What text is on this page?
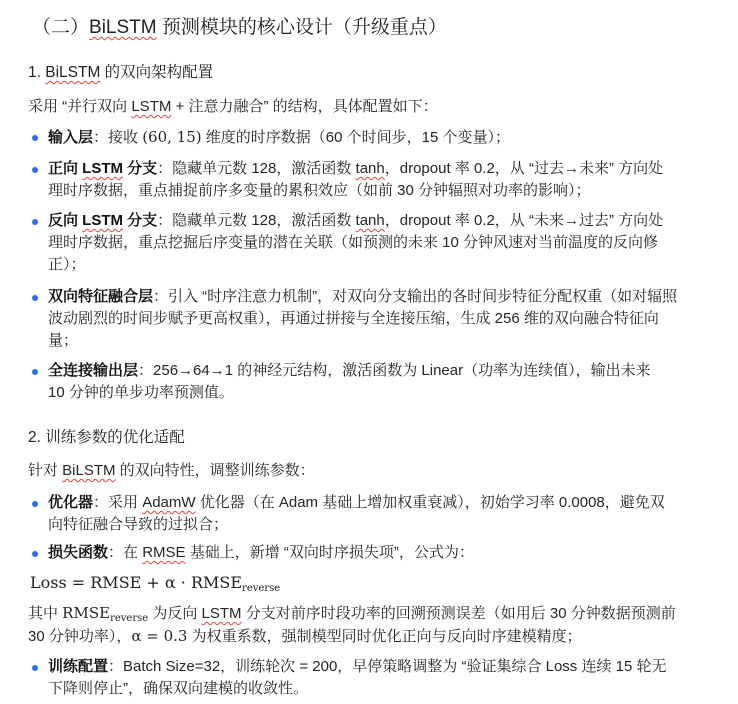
（二）BiLSTM 预测模块的核心设计（升级重点）
1. BiLSTM 的双向架构配置
采用 “并行双向 LSTM + 注意力融合” 的结构，具体配置如下：
输入层：接收 (60, 15) 维度的时序数据（60 个时间步，15 个变量）；
正向 LSTM 分支：隐藏单元数 128，激活函数 tanh，dropout 率 0.2，从 “过去→未来” 方向处
理时序数据，重点捕捉前序多变量的累积效应（如前 30 分钟辐照对功率的影响）；
反向 LSTM 分支：隐藏单元数 128，激活函数 tanh，dropout 率 0.2，从 “未来→过去” 方向处
理时序数据，重点挖掘后序变量的潜在关联（如预测的未来 10 分钟风速对当前温度的反向修
正）；
双向特征融合层：引入 “时序注意力机制”，对双向分支输出的各时间步特征分配权重（如对辐照
波动剧烈的时间步赋予更高权重），再通过拼接与全连接压缩，生成 256 维的双向融合特征向
量；
全连接输出层：256→64→1 的神经元结构，激活函数为 Linear（功率为连续值），输出未来
10 分钟的单步功率预测值。
2. 训练参数的优化适配
针对 BiLSTM 的双向特性，调整训练参数：
优化器：采用 AdamW 优化器（在 Adam 基础上增加权重衰减），初始学习率 0.0008，避免双
向特征融合导致的过拟合；
损失函数：在 RMSE 基础上，新增 “双向时序损失项”，公式为：
Loss = RMSE + $\alpha \cdot RMSE_{reverse}$
其中 $RMSE_{reverse}$ 为反向 LSTM 分支对前序时段功率的回溯预测误差（如用后 30 分钟数据预测前
30 分钟功率），α = 0.3 为权重系数，强制模型同时优化正向与反向时序建模精度；
训练配置：Batch Size=32，训练轮次 = 200，早停策略调整为 “验证集综合 Loss 连续 15 轮无
下降则停止”，确保双向建模的收敛性。
